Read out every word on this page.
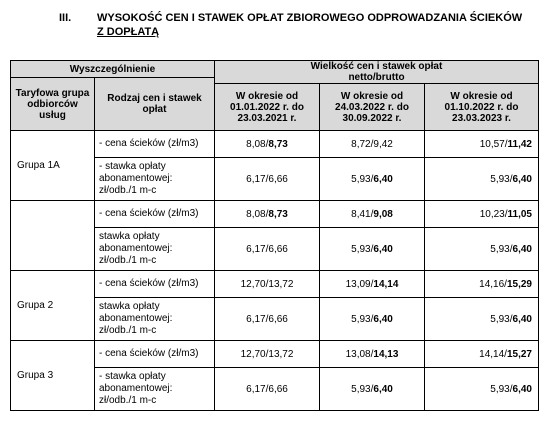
III. WYSOKOŚĆ CEN I STAWEK OPŁAT ZBIOROWEGO ODPROWADZANIA ŚCIEKÓW
Z DOPŁATĄ
Wyszczególnienie		Wielkość cen i stawek opłat
netto/brutto		
Taryfowa grupa odbiorców usług	Rodzaj cen i stawek opłat			
		W okresie od 01.01.2022 r. do 23.03.2021 r.	W okresie od 24.03.2022 r. do 30.09.2022 r.	W okresie od 01.10.2022 r. do 23.03.2023 r.
Grupa 1A	- cena ścieków (zł/m3)	8,08/8,73	8,72/9,42	10,57/11,42
	- stawka opłaty abonamentowej: zł/odb./1 m-c	6,17/6,66	5,93/6,40	5,93/6,40
	- cena ścieków (zł/m3)	8,08/8,73	8,41/9,08	10,23/11,05
	stawka opłaty abonamentowej: zł/odb./1 m-c	6,17/6,66	5,93/6,40	5,93/6,40
Grupa 2	- cena ścieków (zł/m3)	12,70/13,72	13,09/14,14	14,16/15,29
	stawka opłaty abonamentowej: zł/odb./1 m-c	6,17/6,66	5,93/6,40	5,93/6,40
Grupa 3	- cena ścieków (zł/m3)	12,70/13,72	13,08/14,13	14,14/15,27
	- stawka opłaty abonamentowej: zł/odb./1 m-c	6,17/6,66	5,93/6,40	5,93/6,40
